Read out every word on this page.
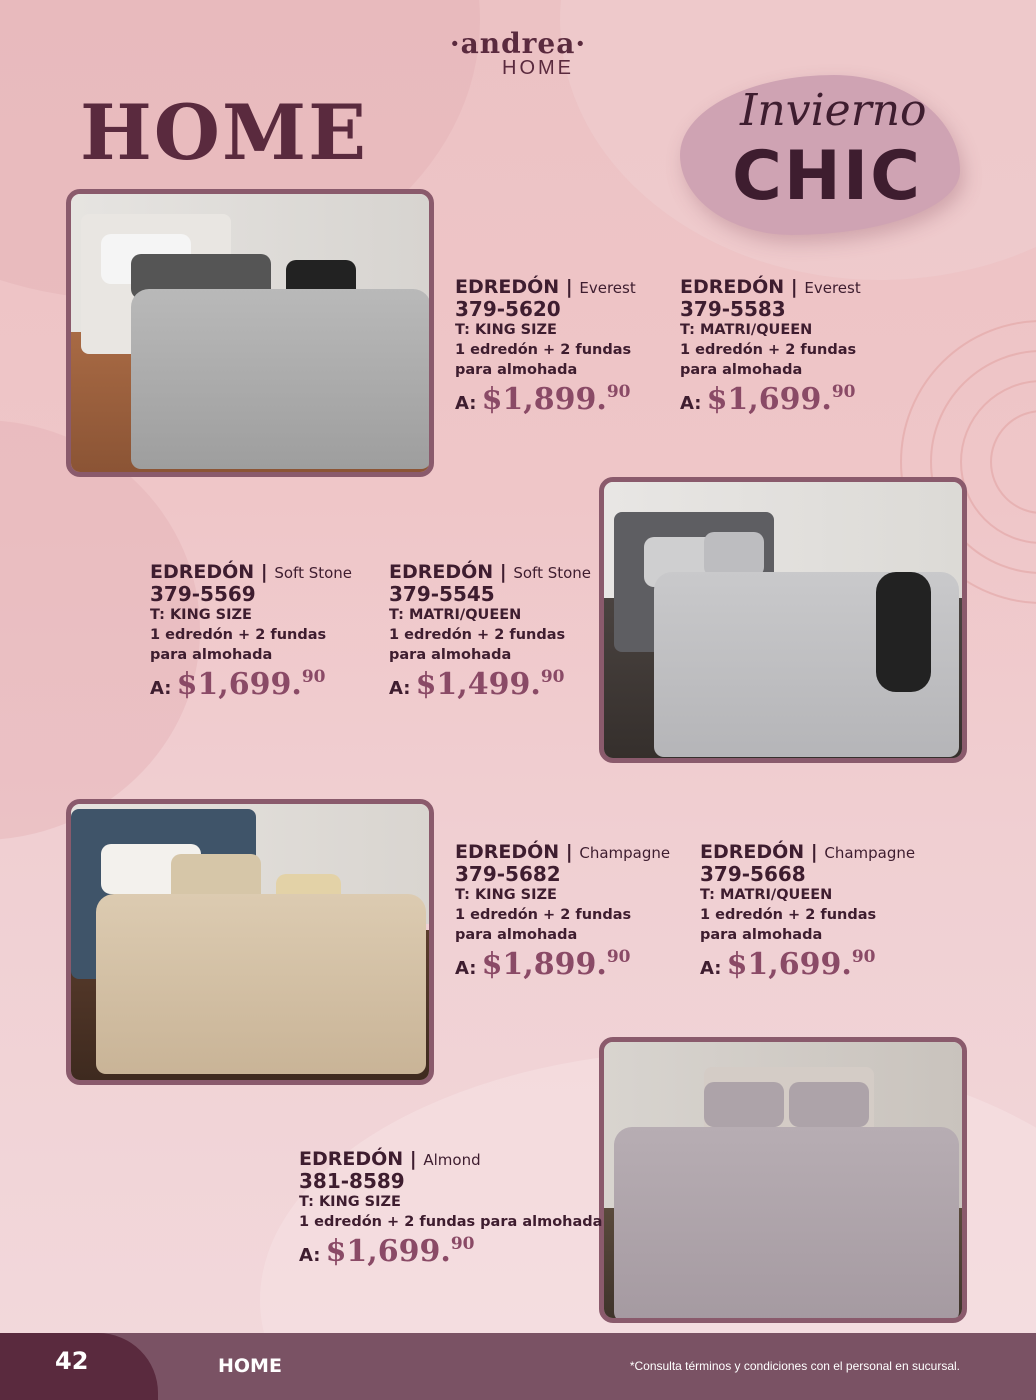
·andrea·
HOME
HOME	Invierno
CHIC
EDREDÓN | Everest
379-5620
T: KING SIZE
1 edredón + 2 fundas
para almohada
A: $1,899.90
EDREDÓN | Everest
379-5583
T: MATRI/QUEEN
1 edredón + 2 fundas
para almohada
A: $1,699.90
EDREDÓN | Soft Stone
379-5569
T: KING SIZE
1 edredón + 2 fundas
para almohada
A: $1,699.90
EDREDÓN | Soft Stone
379-5545
T: MATRI/QUEEN
1 edredón + 2 fundas
para almohada
A: $1,499.90
EDREDÓN | Champagne
379-5682
T: KING SIZE
1 edredón + 2 fundas
para almohada
A: $1,899.90
EDREDÓN | Champagne
379-5668
T: MATRI/QUEEN
1 edredón + 2 fundas
para almohada
A: $1,699.90
EDREDÓN | Almond
381-8589
T: KING SIZE
1 edredón + 2 fundas para almohada
A: $1,699.90
42	HOME	*Consulta términos y condiciones con el personal en sucursal.
